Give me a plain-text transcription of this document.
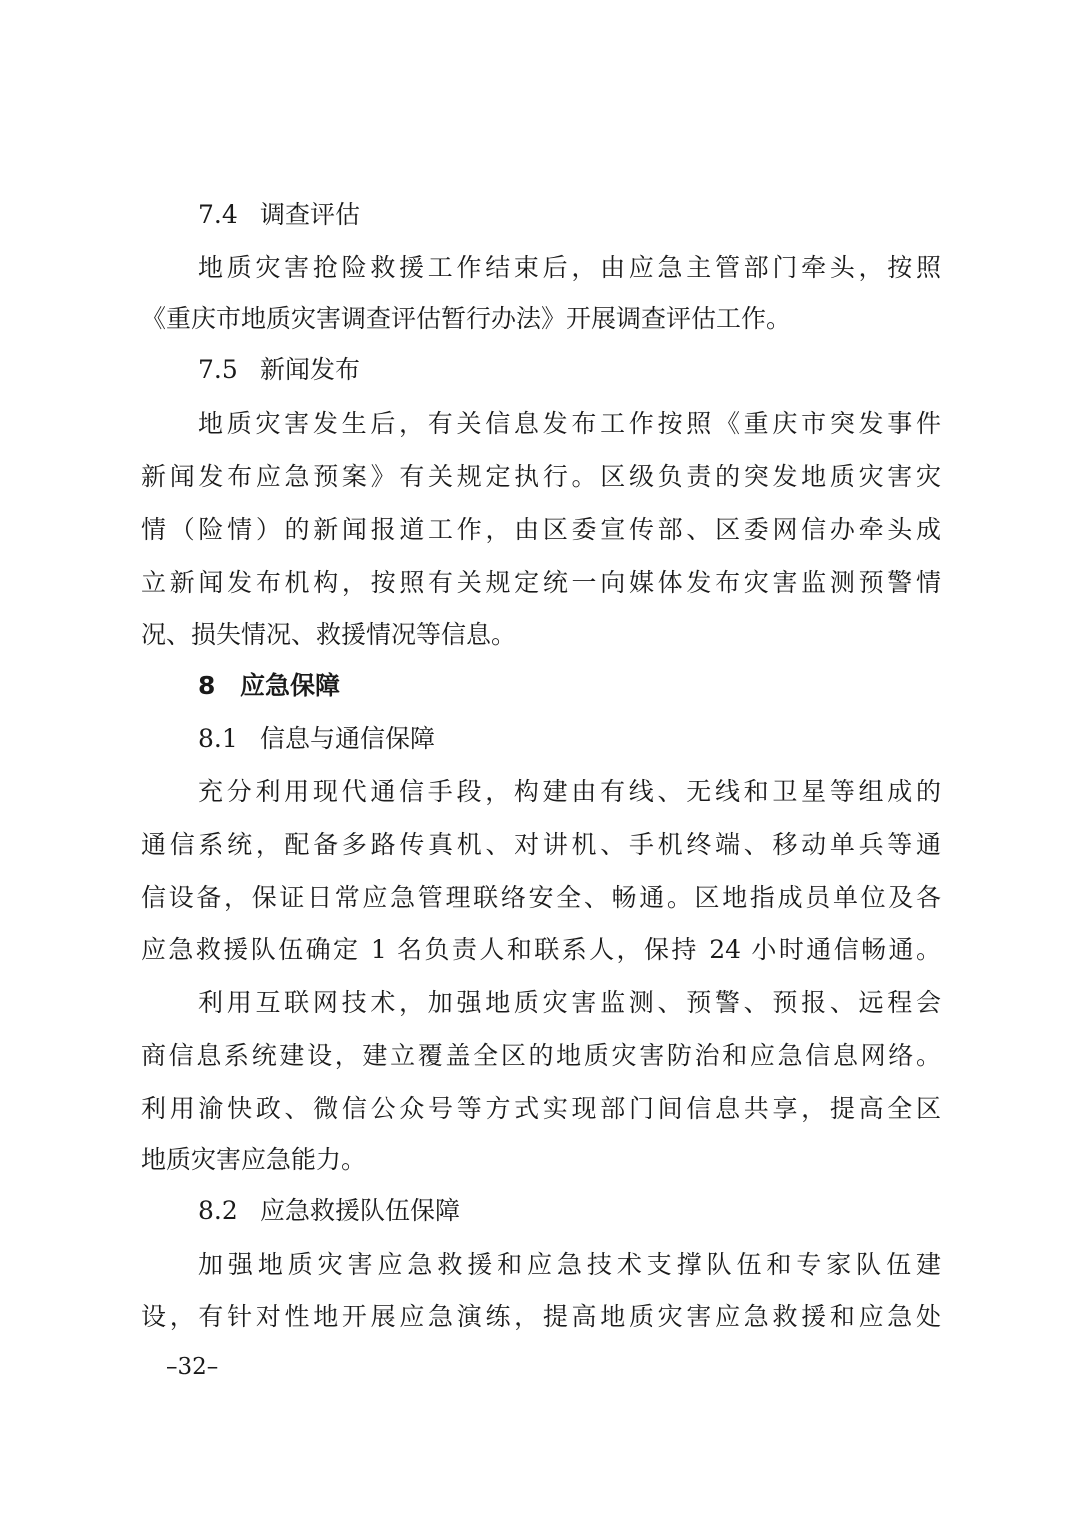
7.4 调查评估
地质灾害抢险救援工作结束后，由应急主管部门牵头，按照
《重庆市地质灾害调查评估暂行办法》开展调查评估工作。
7.5 新闻发布
地质灾害发生后，有关信息发布工作按照《重庆市突发事件
新闻发布应急预案》有关规定执行。区级负责的突发地质灾害灾
情（险情）的新闻报道工作，由区委宣传部、区委网信办牵头成
立新闻发布机构，按照有关规定统一向媒体发布灾害监测预警情
况、损失情况、救援情况等信息。
8 应急保障
8.1 信息与通信保障
充分利用现代通信手段，构建由有线、无线和卫星等组成的
通信系统，配备多路传真机、对讲机、手机终端、移动单兵等通
信设备，保证日常应急管理联络安全、畅通。区地指成员单位及各
应急救援队伍确定 1 名负责人和联系人，保持 24 小时通信畅通。
利用互联网技术，加强地质灾害监测、预警、预报、远程会
商信息系统建设，建立覆盖全区的地质灾害防治和应急信息网络。
利用渝快政、微信公众号等方式实现部门间信息共享，提高全区
地质灾害应急能力。
8.2 应急救援队伍保障
加强地质灾害应急救援和应急技术支撑队伍和专家队伍建
设，有针对性地开展应急演练，提高地质灾害应急救援和应急处
–32–
